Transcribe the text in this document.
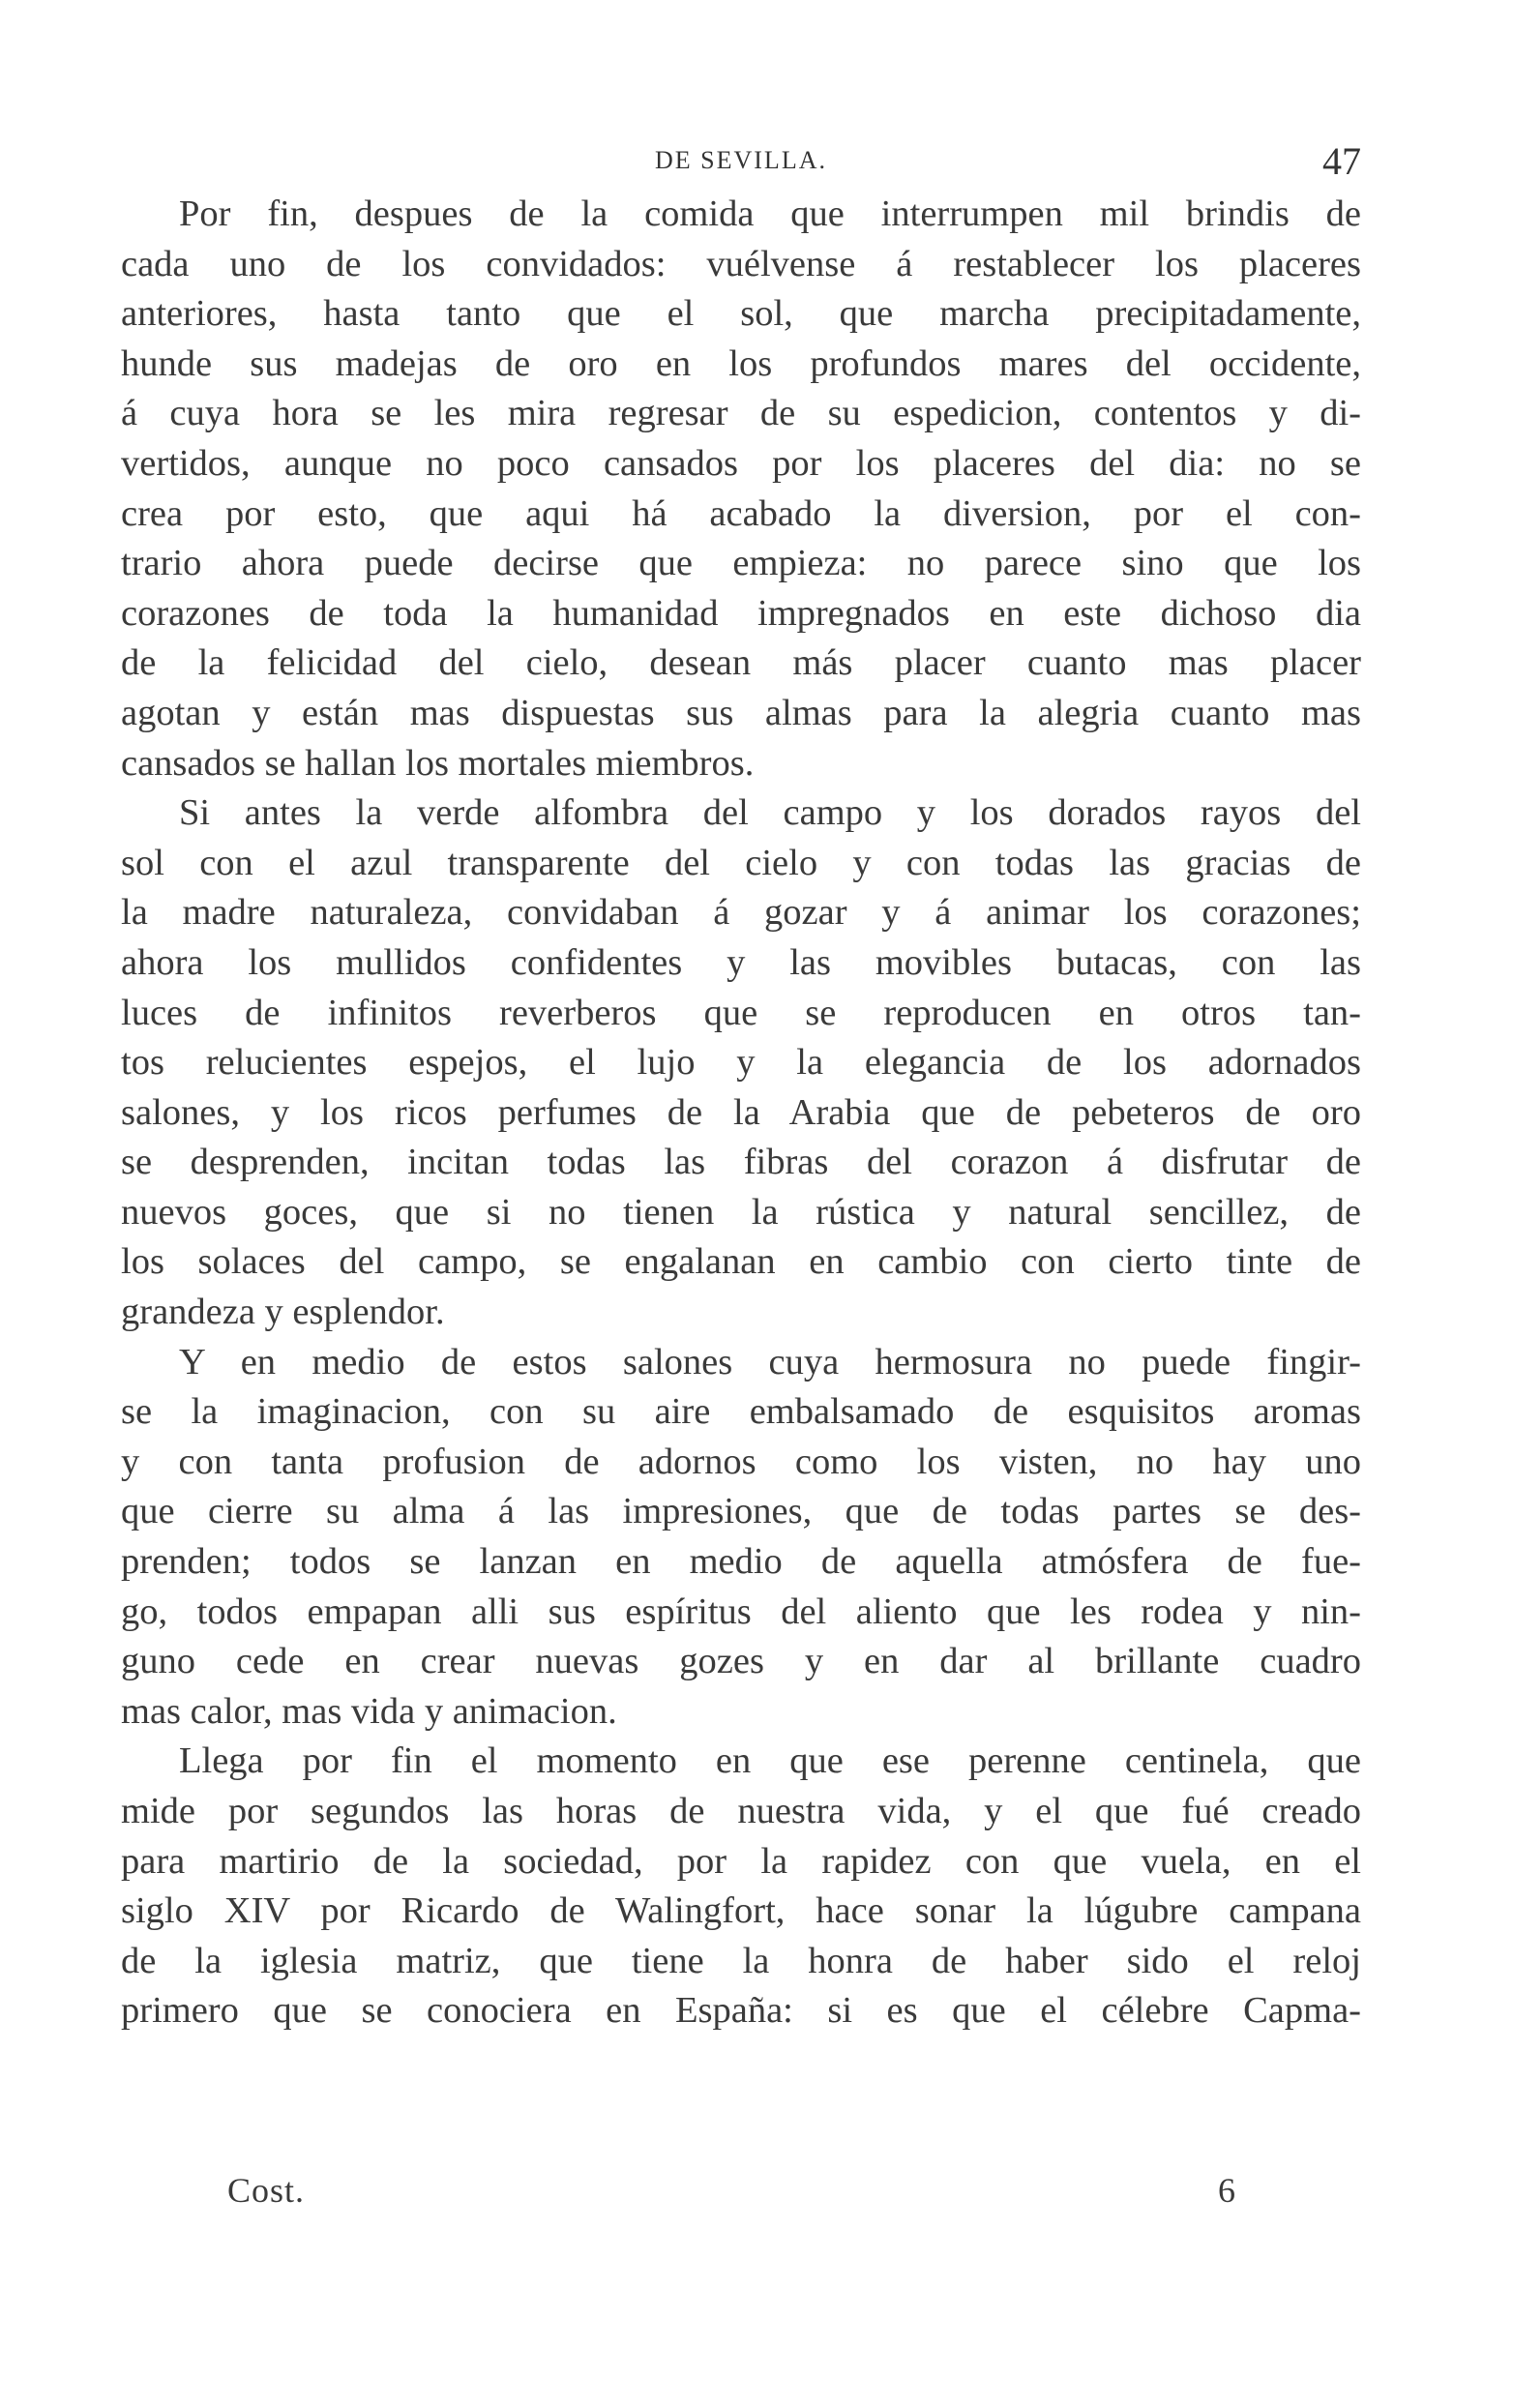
DE SEVILLA.	47

Por fin, despues de la comida que interrumpen mil brindis de
cada uno de los convidados: vuélvense á restablecer los placeres
anteriores, hasta tanto que el sol, que marcha precipitadamente,
hunde sus madejas de oro en los profundos mares del occidente,
á cuya hora se les mira regresar de su espedicion, contentos y di-
vertidos, aunque no poco cansados por los placeres del dia: no se
crea por esto, que aqui há acabado la diversion, por el con-
trario ahora puede decirse que empieza: no parece sino que los
corazones de toda la humanidad impregnados en este dichoso dia
de la felicidad del cielo, desean más placer cuanto mas placer
agotan y están mas dispuestas sus almas para la alegria cuanto mas
cansados se hallan los mortales miembros.

Si antes la verde alfombra del campo y los dorados rayos del
sol con el azul transparente del cielo y con todas las gracias de
la madre naturaleza, convidaban á gozar y á animar los corazones;
ahora los mullidos confidentes y las movibles butacas, con las
luces de infinitos reverberos que se reproducen en otros tan-
tos relucientes espejos, el lujo y la elegancia de los adornados
salones, y los ricos perfumes de la Arabia que de pebeteros de oro
se desprenden, incitan todas las fibras del corazon á disfrutar de
nuevos goces, que si no tienen la rústica y natural sencillez, de
los solaces del campo, se engalanan en cambio con cierto tinte de
grandeza y esplendor.

Y en medio de estos salones cuya hermosura no puede fingir-
se la imaginacion, con su aire embalsamado de esquisitos aromas
y con tanta profusion de adornos como los visten, no hay uno
que cierre su alma á las impresiones, que de todas partes se des-
prenden; todos se lanzan en medio de aquella atmósfera de fue-
go, todos empapan alli sus espíritus del aliento que les rodea y nin-
guno cede en crear nuevas gozes y en dar al brillante cuadro
mas calor, mas vida y animacion.

Llega por fin el momento en que ese perenne centinela, que
mide por segundos las horas de nuestra vida, y el que fué creado
para martirio de la sociedad, por la rapidez con que vuela, en el
siglo XIV por Ricardo de Walingfort, hace sonar la lúgubre campana
de la iglesia matriz, que tiene la honra de haber sido el reloj
primero que se conociera en España: si es que el célebre Capma-

Cost.	6
